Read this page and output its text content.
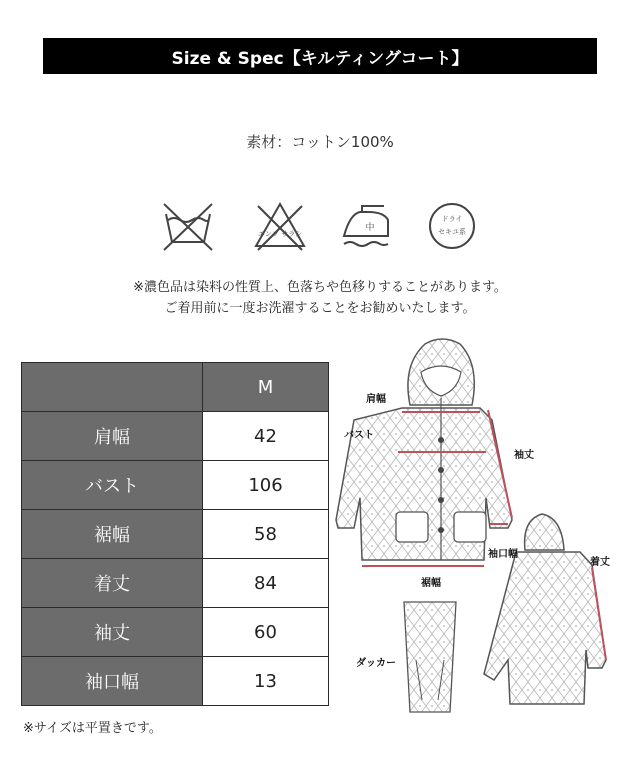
Size & Spec【キルティングコート】
素材：コットン100%
エンソ サラシ
中
ドライ
セキユ系
※濃色品は染料の性質上、色落ちや色移りすることがあります。
ご着用前に一度お洗濯することをお勧めいたします。
	M
肩幅	42
バスト	106
裾幅	58
着丈	84
袖丈	60
袖口幅	13
※サイズは平置きです。
肩幅
バスト
袖丈
袖口幅
裾幅
着丈
ダッカー
